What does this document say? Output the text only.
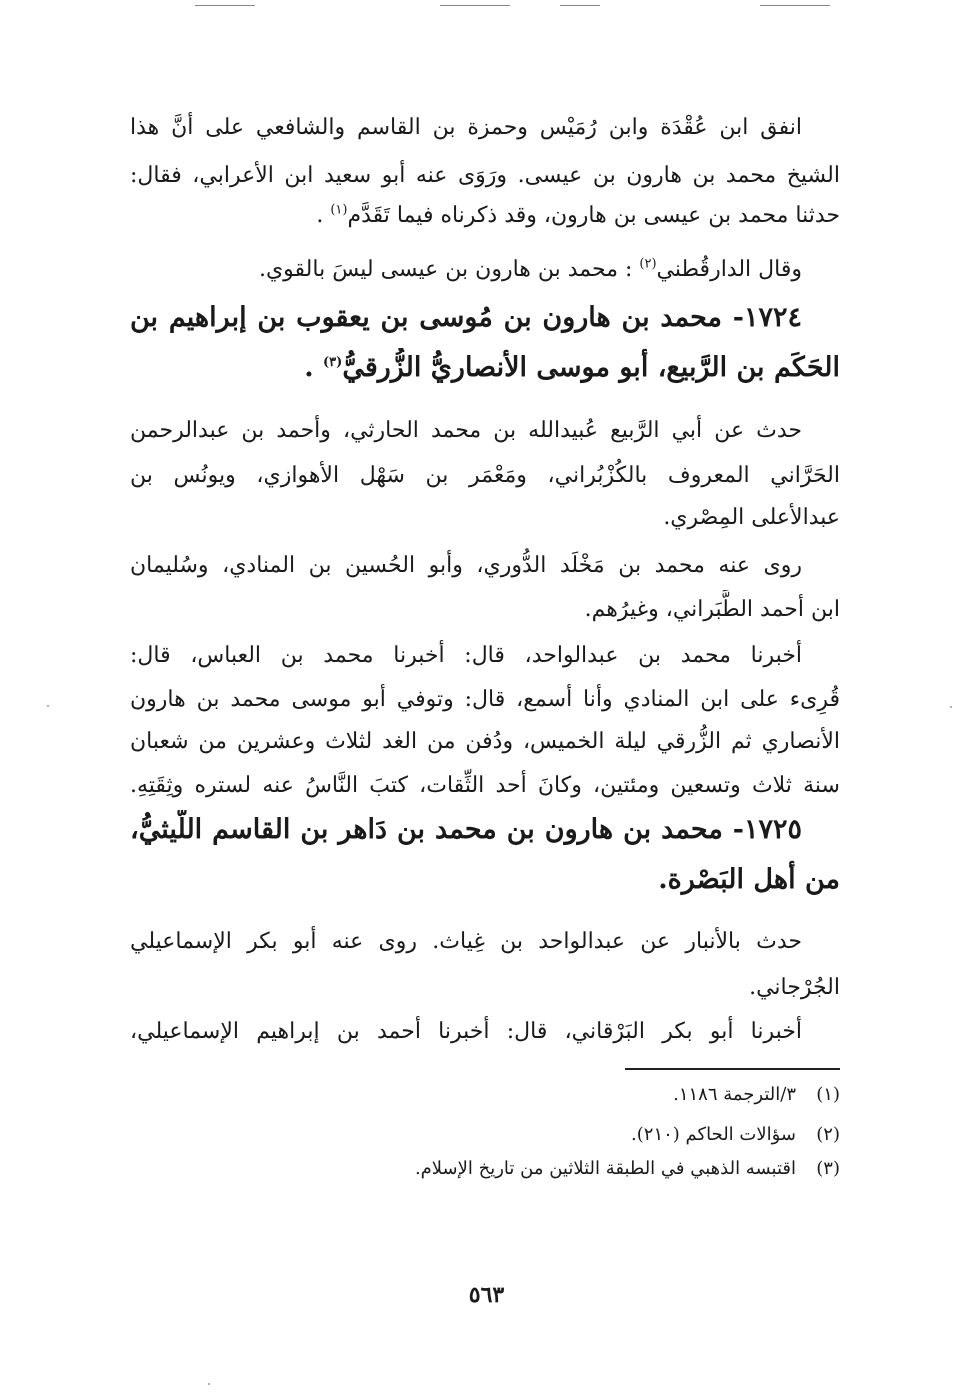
انفق ابن عُقْدَة وابن رُمَيْس وحمزة بن القاسم والشافعي على أنَّ هذا
الشيخ محمد بن هارون بن عيسى. ورَوَى عنه أبو سعيد ابن الأعرابي، فقال:
حدثنا محمد بن عيسى بن هارون، وقد ذكرناه فيما تَقَدَّم$^{(١)}$ .
وقال الدارقُطني$^{(٢)}$ : محمد بن هارون بن عيسى ليسَ بالقوي.
١٧٢٤- محمد بن هارون بن مُوسى بن يعقوب بن إبراهيم بن
الحَكَم بن الرَّبيع، أبو موسى الأنصاريُّ الزُّرقيُّ$^{(٣)}$ .
حدث عن أبي الرَّبيع عُبيدالله بن محمد الحارثي، وأحمد بن عبدالرحمن
الحَرَّاني المعروف بالكُزْبُراني، ومَعْمَر بن سَهْل الأهوازي، ويونُس بن
عبدالأعلى المِصْري.
روى عنه محمد بن مَخْلَد الدُّوري، وأبو الحُسين بن المنادي، وسُليمان
ابن أحمد الطَّبَراني، وغيرُهم.
أخبرنا محمد بن عبدالواحد، قال: أخبرنا محمد بن العباس، قال:
قُرِىء على ابن المنادي وأنا أسمع، قال: وتوفي أبو موسى محمد بن هارون
الأنصاري ثم الزُّرقي ليلة الخميس، ودُفن من الغد لثلاث وعشرين من شعبان
سنة ثلاث وتسعين ومئتين، وكانَ أحد الثِّقات، كتبَ النَّاسُ عنه لستره وثِقَتِهِ.
١٧٢٥- محمد بن هارون بن محمد بن دَاهر بن القاسم اللَّيثيُّ،
من أهل البَصْرة.
حدث بالأنبار عن عبدالواحد بن غِياث. روى عنه أبو بكر الإسماعيلي
الجُرْجاني.
أخبرنا أبو بكر البَرْقاني، قال: أخبرنا أحمد بن إبراهيم الإسماعيلي،
(١)٣/الترجمة ١١٨٦.
(٢)سؤالات الحاكم (٢١٠).
(٣)اقتبسه الذهبي في الطبقة الثلاثين من تاريخ الإسلام.
٥٦٣
